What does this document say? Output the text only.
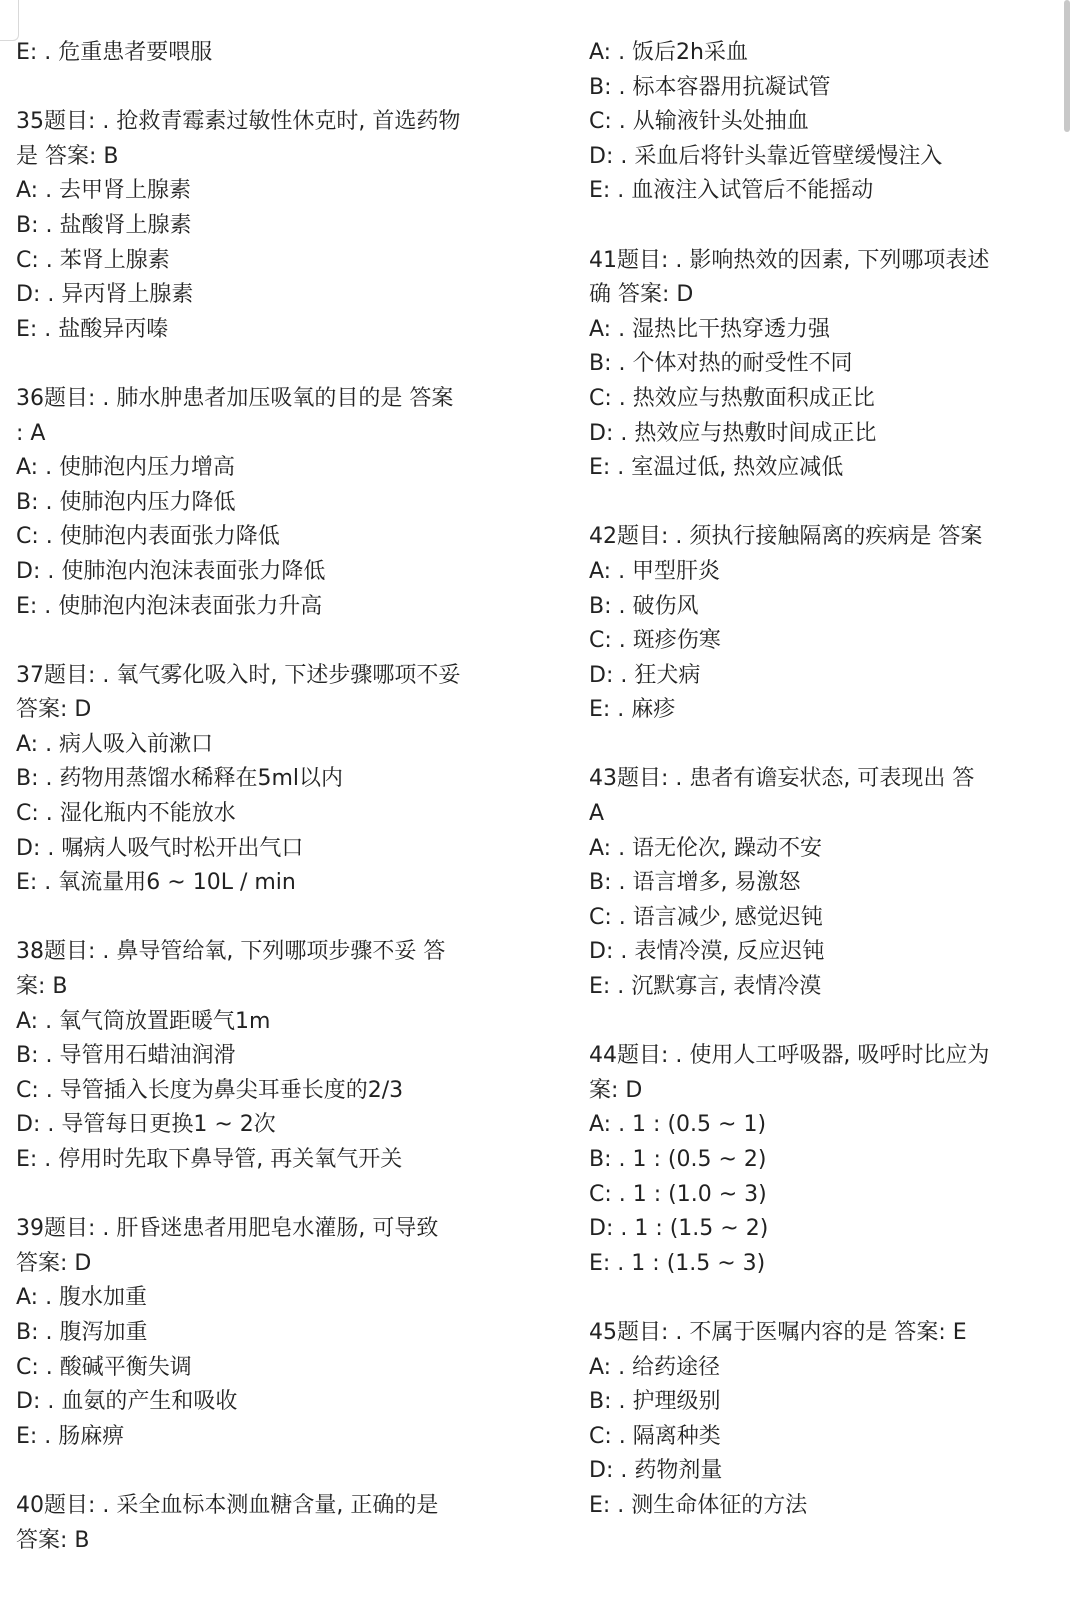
E: . 危重患者要喂服
35题目: . 抢救青霉素过敏性休克时, 首选药物
是 答案: B
A: . 去甲肾上腺素
B: . 盐酸肾上腺素
C: . 苯肾上腺素
D: . 异丙肾上腺素
E: . 盐酸异丙嗪
36题目: . 肺水肿患者加压吸氧的目的是 答案
: A
A: . 使肺泡内压力增高
B: . 使肺泡内压力降低
C: . 使肺泡内表面张力降低
D: . 使肺泡内泡沫表面张力降低
E: . 使肺泡内泡沫表面张力升高
37题目: . 氧气雾化吸入时, 下述步骤哪项不妥
答案: D
A: . 病人吸入前漱口
B: . 药物用蒸馏水稀释在5ml以内
C: . 湿化瓶内不能放水
D: . 嘱病人吸气时松开出气口
E: . 氧流量用6 ~ 10L / min
38题目: . 鼻导管给氧, 下列哪项步骤不妥 答
案: B
A: . 氧气筒放置距暖气1m
B: . 导管用石蜡油润滑
C: . 导管插入长度为鼻尖耳垂长度的2/3
D: . 导管每日更换1 ~ 2次
E: . 停用时先取下鼻导管, 再关氧气开关
39题目: . 肝昏迷患者用肥皂水灌肠, 可导致
答案: D
A: . 腹水加重
B: . 腹泻加重
C: . 酸碱平衡失调
D: . 血氨的产生和吸收
E: . 肠麻痹
40题目: . 采全血标本测血糖含量, 正确的是
答案: B
A: . 饭后2h采血
B: . 标本容器用抗凝试管
C: . 从输液针头处抽血
D: . 采血后将针头靠近管壁缓慢注入
E: . 血液注入试管后不能摇动
41题目: . 影响热效的因素, 下列哪项表述
确 答案: D
A: . 湿热比干热穿透力强
B: . 个体对热的耐受性不同
C: . 热效应与热敷面积成正比
D: . 热效应与热敷时间成正比
E: . 室温过低, 热效应减低
42题目: . 须执行接触隔离的疾病是 答案
A: . 甲型肝炎
B: . 破伤风
C: . 斑疹伤寒
D: . 狂犬病
E: . 麻疹
43题目: . 患者有谵妄状态, 可表现出 答
A
A: . 语无伦次, 躁动不安
B: . 语言增多, 易激怒
C: . 语言减少, 感觉迟钝
D: . 表情冷漠, 反应迟钝
E: . 沉默寡言, 表情冷漠
44题目: . 使用人工呼吸器, 吸呼时比应为
案: D
A: . 1 : (0.5 ~ 1)
B: . 1 : (0.5 ~ 2)
C: . 1 : (1.0 ~ 3)
D: . 1 : (1.5 ~ 2)
E: . 1 : (1.5 ~ 3)
45题目: . 不属于医嘱内容的是 答案: E
A: . 给药途径
B: . 护理级别
C: . 隔离种类
D: . 药物剂量
E: . 测生命体征的方法
